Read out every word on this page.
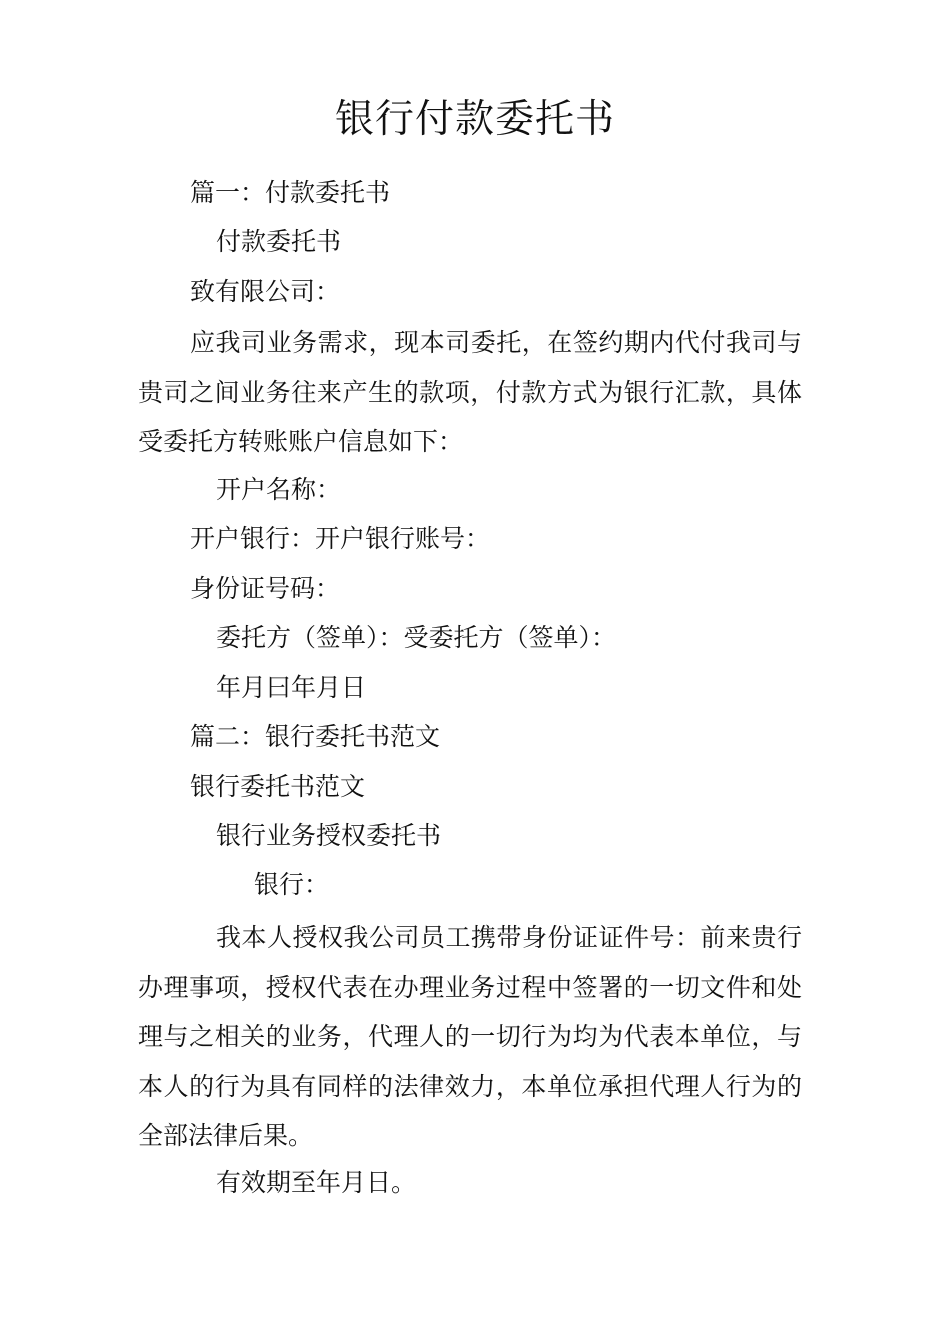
银行付款委托书
篇一：付款委托书
付款委托书
致有限公司：
应我司业务需求，现本司委托，在签约期内代付我司与贵司之间业务往来产生的款项，付款方式为银行汇款，具体受委托方转账账户信息如下：
开户名称：
开户银行：开户银行账号：
身份证号码：
委托方（签单）：受委托方（签单）：
年月曰年月日
篇二：银行委托书范文
银行委托书范文
银行业务授权委托书
银行：
我本人授权我公司员工携带身份证证件号：前来贵行办理事项，授权代表在办理业务过程中签署的一切文件和处理与之相关的业务，代理人的一切行为均为代表本单位，与本人的行为具有同样的法律效力，本单位承担代理人行为的全部法律后果。
有效期至年月日。
